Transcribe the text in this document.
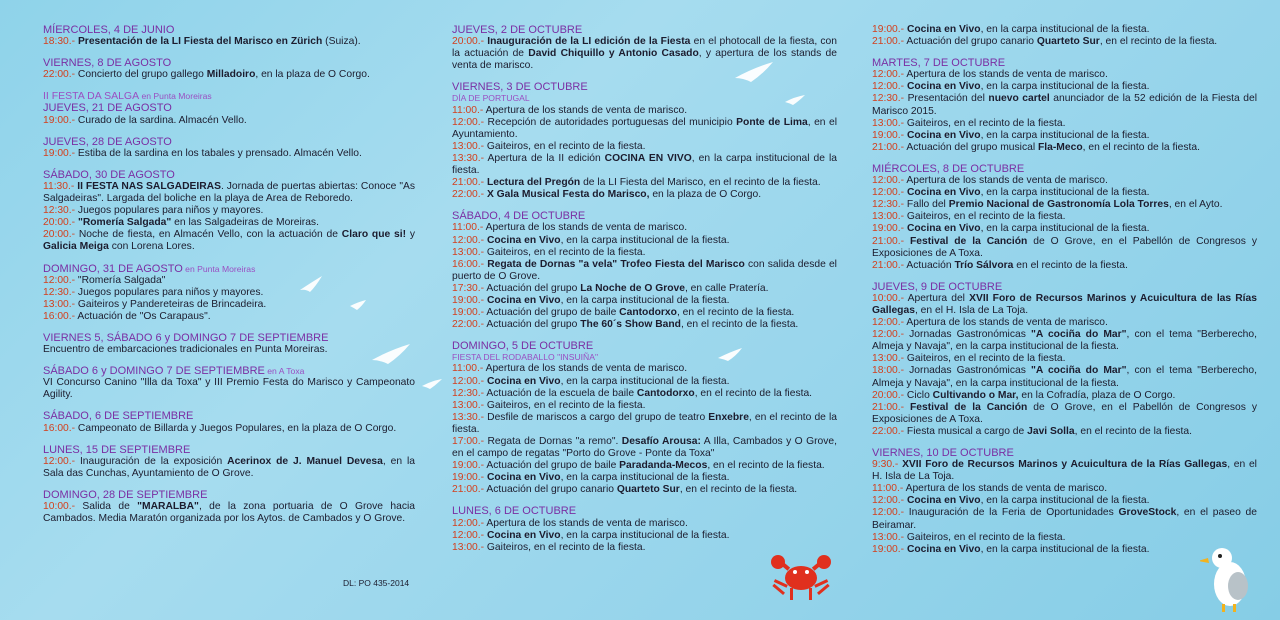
MÍERCOLES, 4 DE JUNIO
18:30.- Presentación de la LI Fiesta del Marisco en Zürich (Suiza).
VIERNES, 8 DE AGOSTO
22:00.- Concierto del grupo gallego Milladoiro, en la plaza de O Corgo.
II FESTA DA SALGA en Punta Moreiras
JUEVES, 21 DE AGOSTO
19:00.- Curado de la sardina. Almacén Vello.
JUEVES, 28 DE AGOSTO
19:00.- Estiba de la sardina en los tabales y prensado. Almacén Vello.
SÁBADO, 30 DE AGOSTO
11:30.- II FESTA NAS SALGADEIRAS. Jornada de puertas abiertas: Conoce "As Salgadeiras". Largada del boliche en la playa de Area de Reboredo.
12:30.- Juegos populares para niños y mayores.
20:00.- "Romería Salgada" en las Salgadeiras de Moreiras.
20:00.- Noche de fiesta, en Almacén Vello, con la actuación de Claro que si! y Galicia Meiga con Lorena Lores.
DOMINGO, 31 DE AGOSTO en Punta Moreiras
12:00.- "Romería Salgada"
12:30.- Juegos populares para niños y mayores.
13:00.- Gaiteiros y Pandereteiras de Brincadeira.
16:00.- Actuación de "Os Carapaus".
VIERNES 5, SÁBADO 6 y DOMINGO 7 DE SEPTIEMBRE
Encuentro de embarcaciones tradicionales en Punta Moreiras.
SÁBADO 6 y DOMINGO 7 DE SEPTIEMBRE en A Toxa
VI Concurso Canino "Illa da Toxa" y III Premio Festa do Marisco y Campeonato Agility.
SÁBADO, 6 DE SEPTIEMBRE
16:00.- Campeonato de Billarda y Juegos Populares, en la plaza de O Corgo.
LUNES, 15 DE SEPTIEMBRE
12:00.- Inauguración de la exposición Acerinox de J. Manuel Devesa, en la Sala das Cunchas, Ayuntamiento de O Grove.
DOMINGO, 28 DE SEPTIEMBRE
10:00.- Salida de "MARALBA", de la zona portuaria de O Grove hacia Cambados. Media Maratón organizada por los Aytos. de Cambados y O Grove.
JUEVES, 2 DE OCTUBRE
20:00.- Inauguración de la LI edición de la Fiesta en el photocall de la fiesta, con la actuación de David Chiquillo y Antonio Casado, y apertura de los stands de venta de marisco.
VIERNES, 3 DE OCTUBRE
DÍA DE PORTUGAL
11:00.- Apertura de los stands de venta de marisco.
12:00.- Recepción de autoridades portuguesas del municipio Ponte de Lima, en el Ayuntamiento.
13:00.- Gaiteiros, en el recinto de la fiesta.
13:30.- Apertura de la II edición COCINA EN VIVO, en la carpa institucional de la fiesta.
21:00.- Lectura del Pregón de la LI Fiesta del Marisco, en el recinto de la fiesta.
22:00.- X Gala Musical Festa do Marisco, en la plaza de O Corgo.
SÁBADO, 4 DE OCTUBRE
11:00.- Apertura de los stands de venta de marisco.
12:00.- Cocina en Vivo, en la carpa institucional de la fiesta.
13:00.- Gaiteiros, en el recinto de la fiesta.
16:00.- Regata de Dornas "a vela" Trofeo Fiesta del Marisco con salida desde el puerto de O Grove.
17:30.- Actuación del grupo La Noche de O Grove, en calle Pratería.
19:00.- Cocina en Vivo, en la carpa institucional de la fiesta.
19:00.- Actuación del grupo de baile Cantodorxo, en el recinto de la fiesta.
22:00.- Actuación del grupo The 60´s Show Band, en el recinto de la fiesta.
DOMINGO, 5 DE OCTUBRE
FIESTA DEL RODABALLO "INSUIÑA"
11:00.- Apertura de los stands de venta de marisco.
12:00.- Cocina en Vivo, en la carpa institucional de la fiesta.
12:30.- Actuación de la escuela de baile Cantodorxo, en el recinto de la fiesta.
13:00.- Gaiteiros, en el recinto de la fiesta.
13:30.- Desfile de mariscos a cargo del grupo de teatro Enxebre, en el recinto de la fiesta.
17:00.- Regata de Dornas "a remo". Desafío Arousa: A Illa, Cambados y O Grove, en el campo de regatas "Porto do Grove - Ponte da Toxa"
19:00.- Actuación del grupo de baile Paradanda-Mecos, en el recinto de la fiesta.
19:00.- Cocina en Vivo, en la carpa institucional de la fiesta.
21:00.- Actuación del grupo canario Quarteto Sur, en el recinto de la fiesta.
LUNES, 6 DE OCTUBRE
12:00.- Apertura de los stands de venta de marisco.
12:00.- Cocina en Vivo, en la carpa institucional de la fiesta.
13:00.- Gaiteiros, en el recinto de la fiesta.
19:00.- Cocina en Vivo, en la carpa institucional de la fiesta.
21:00.- Actuación del grupo canario Quarteto Sur, en el recinto de la fiesta.
MARTES, 7 DE OCTUBRE
12:00.- Apertura de los stands de venta de marisco.
12:00.- Cocina en Vivo, en la carpa institucional de la fiesta.
12:30.- Presentación del nuevo cartel anunciador de la 52 edición de la Fiesta del Marisco 2015.
13:00.- Gaiteiros, en el recinto de la fiesta.
19:00.- Cocina en Vivo, en la carpa institucional de la fiesta.
21:00.- Actuación del grupo musical Fla-Meco, en el recinto de la fiesta.
MIÉRCOLES, 8 DE OCTUBRE
12:00.- Apertura de los stands de venta de marisco.
12:00.- Cocina en Vivo, en la carpa institucional de la fiesta.
12:30.- Fallo del Premio Nacional de Gastronomía Lola Torres, en el Ayto.
13:00.- Gaiteiros, en el recinto de la fiesta.
19:00.- Cocina en Vivo, en la carpa institucional de la fiesta.
21:00.- Festival de la Canción de O Grove, en el Pabellón de Congresos y Exposiciones de A Toxa.
21:00.- Actuación Trío Sálvora en el recinto de la fiesta.
JUEVES, 9 DE OCTUBRE
10:00.- Apertura del XVII Foro de Recursos Marinos y Acuicultura de las Rías Gallegas, en el H. Isla de La Toja.
12:00.- Apertura de los stands de venta de marisco.
12:00.- Jornadas Gastronómicas "A cociña do Mar", con el tema "Berberecho, Almeja y Navaja", en la carpa institucional de la fiesta.
13:00.- Gaiteiros, en el recinto de la fiesta.
18:00.- Jornadas Gastronómicas "A cociña do Mar", con el tema "Berberecho, Almeja y Navaja", en la carpa institucional de la fiesta.
20:00.- Ciclo Cultivando o Mar, en la Cofradía, plaza de O Corgo.
21:00.- Festival de la Canción de O Grove, en el Pabellón de Congresos y Exposiciones de A Toxa.
22:00.- Fiesta musical a cargo de Javi Solla, en el recinto de la fiesta.
VIERNES, 10 DE OCTUBRE
9:30.- XVII Foro de Recursos Marinos y Acuicultura de la Rías Gallegas, en el H. Isla de La Toja.
11:00.- Apertura de los stands de venta de marisco.
12:00.- Cocina en Vivo, en la carpa institucional de la fiesta.
12:00.- Inauguración de la Feria de Oportunidades GroveStock, en el paseo de Beiramar.
13:00.- Gaiteiros, en el recinto de la fiesta.
19:00.- Cocina en Vivo, en la carpa institucional de la fiesta.
DL: PO 435-2014
